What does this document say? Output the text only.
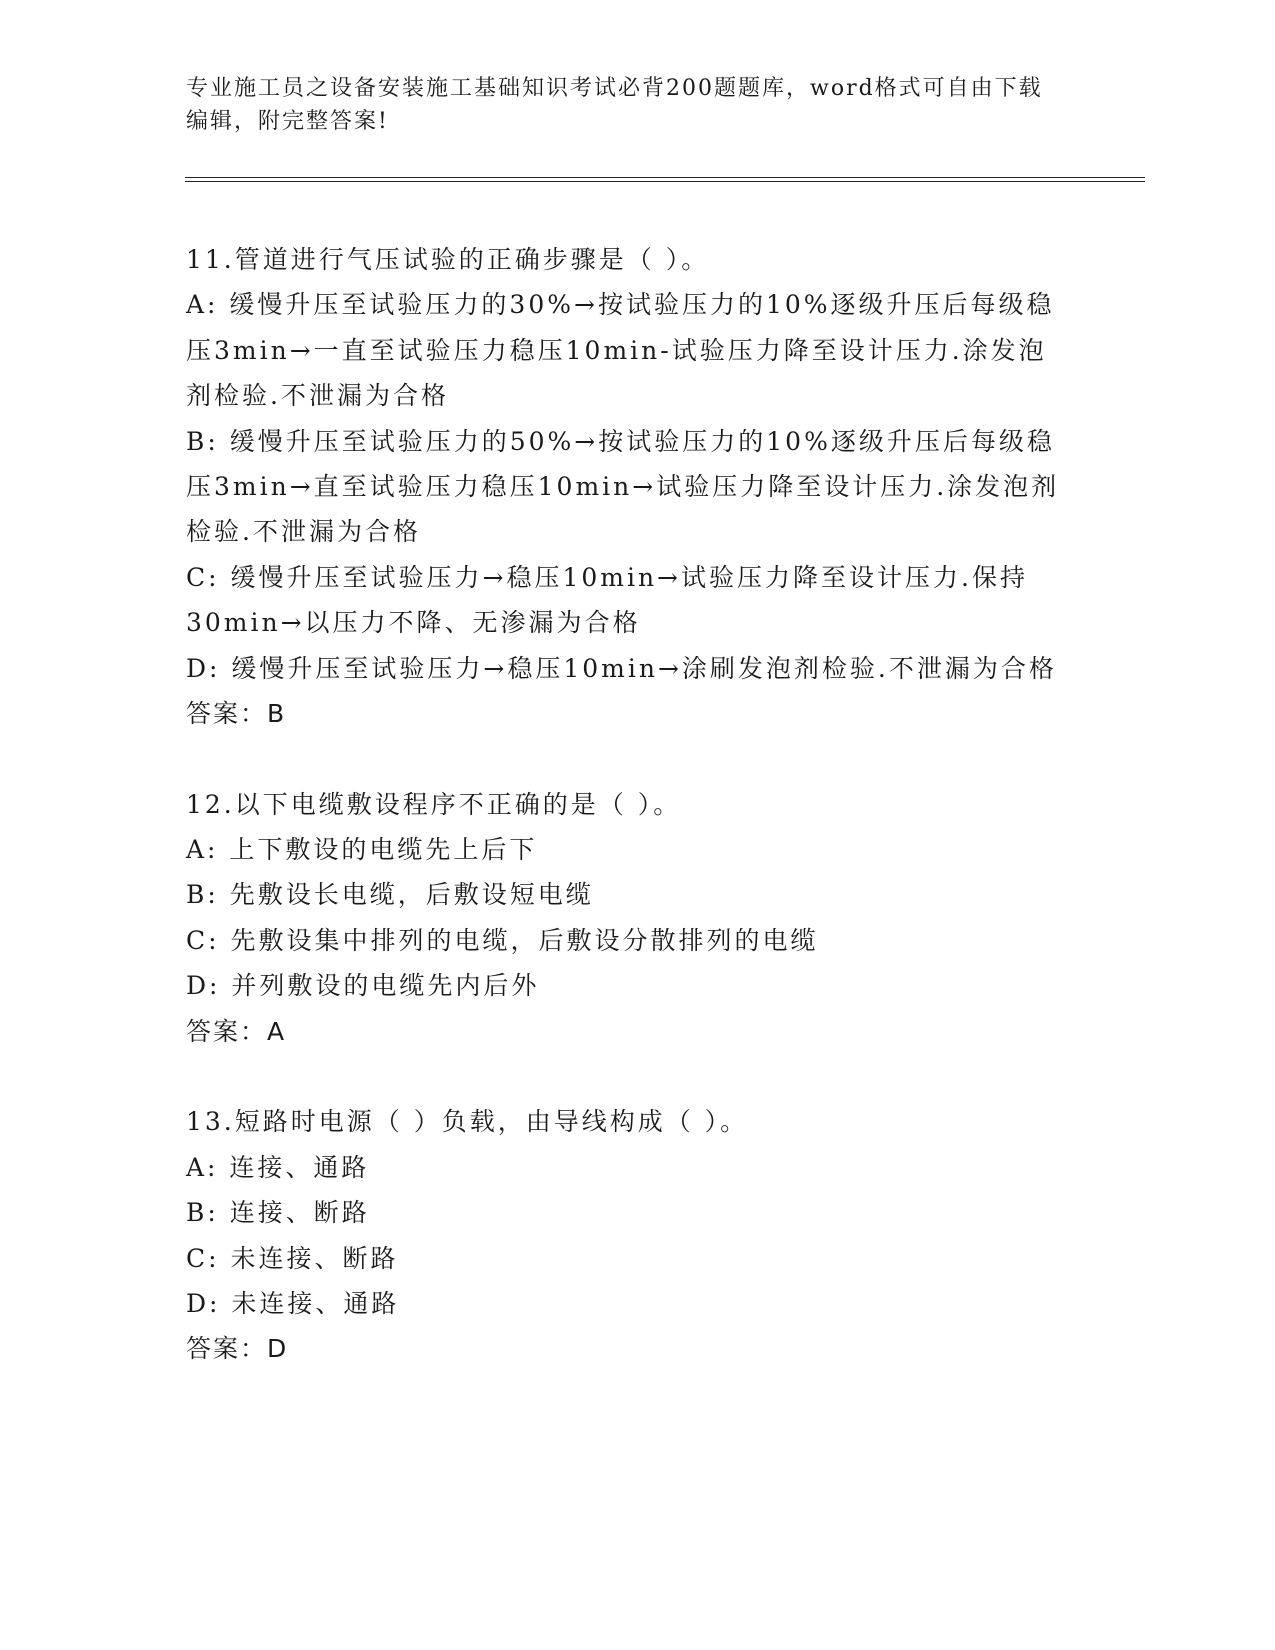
专业施工员之设备安装施工基础知识考试必背200题题库，word格式可自由下载
编辑，附完整答案!
11.管道进行气压试验的正确步骤是（ ）。
A: 缓慢升压至试验压力的30%→按试验压力的10%逐级升压后每级稳
压3min→一直至试验压力稳压10min-试验压力降至设计压力.涂发泡
剂检验.不泄漏为合格
B: 缓慢升压至试验压力的50%→按试验压力的10%逐级升压后每级稳
压3min→直至试验压力稳压10min→试验压力降至设计压力.涂发泡剂
检验.不泄漏为合格
C: 缓慢升压至试验压力→稳压10min→试验压力降至设计压力.保持
30min→以压力不降、无渗漏为合格
D: 缓慢升压至试验压力→稳压10min→涂刷发泡剂检验.不泄漏为合格
答案：B
12.以下电缆敷设程序不正确的是（ ）。
A: 上下敷设的电缆先上后下
B: 先敷设长电缆，后敷设短电缆
C: 先敷设集中排列的电缆，后敷设分散排列的电缆
D: 并列敷设的电缆先内后外
答案：A
13.短路时电源（ ）负载，由导线构成（ ）。
A: 连接、通路
B: 连接、断路
C: 未连接、断路
D: 未连接、通路
答案：D
